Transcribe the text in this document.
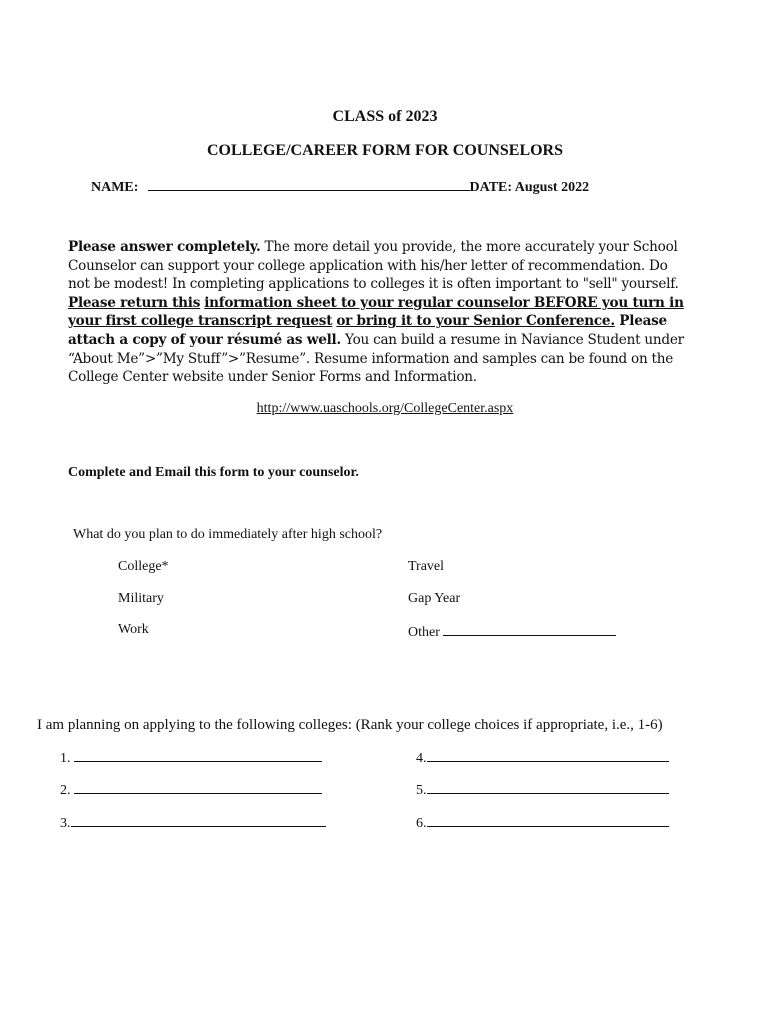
CLASS of 2023
COLLEGE/CAREER FORM FOR COUNSELORS
NAME:	DATE: August 2022
Please answer completely. The more detail you provide, the more accurately your School Counselor can support your college application with his/her letter of recommendation. Do not be modest! In completing applications to colleges it is often important to "sell" yourself. Please return this information sheet to your regular counselor BEFORE you turn in your first college transcript request or bring it to your Senior Conference. Please attach a copy of your résumé as well. You can build a resume in Naviance Student under “About Me”>”My Stuff”>”Resume”. Resume information and samples can be found on the College Center website under Senior Forms and Information.
http://www.uaschools.org/CollegeCenter.aspx
Complete and Email this form to your counselor.
What do you plan to do immediately after high school?
College*
Military
Work
Travel
Gap Year
Other
I am planning on applying to the following colleges: (Rank your college choices if appropriate, i.e., 1-6)
1.
2.
3.
4.
5.
6.
